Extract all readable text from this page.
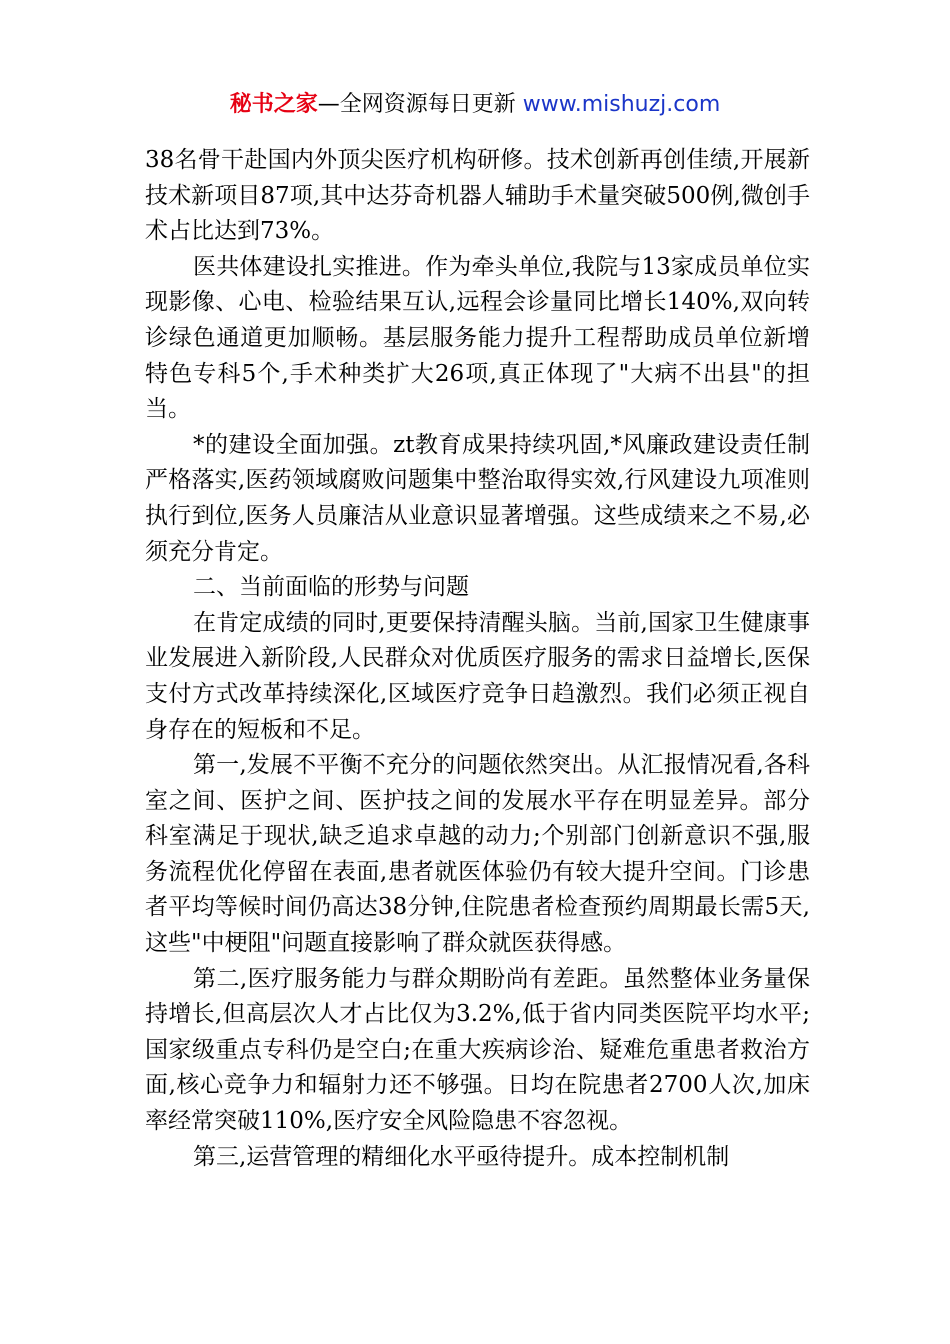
秘书之家—全网资源每日更新 www.mishuzj.com

38名骨干赴国内外顶尖医疗机构研修。技术创新再创佳绩,开展新技术新项目87项,其中达芬奇机器人辅助手术量突破500例,微创手术占比达到73%。

医共体建设扎实推进。作为牵头单位,我院与13家成员单位实现影像、心电、检验结果互认,远程会诊量同比增长140%,双向转诊绿色通道更加顺畅。基层服务能力提升工程帮助成员单位新增特色专科5个,手术种类扩大26项,真正体现了"大病不出县"的担当。

*的建设全面加强。zt教育成果持续巩固,*风廉政建设责任制严格落实,医药领域腐败问题集中整治取得实效,行风建设九项准则执行到位,医务人员廉洁从业意识显著增强。这些成绩来之不易,必须充分肯定。

二、当前面临的形势与问题

在肯定成绩的同时,更要保持清醒头脑。当前,国家卫生健康事业发展进入新阶段,人民群众对优质医疗服务的需求日益增长,医保支付方式改革持续深化,区域医疗竞争日趋激烈。我们必须正视自身存在的短板和不足。

第一,发展不平衡不充分的问题依然突出。从汇报情况看,各科室之间、医护之间、医护技之间的发展水平存在明显差异。部分科室满足于现状,缺乏追求卓越的动力;个别部门创新意识不强,服务流程优化停留在表面,患者就医体验仍有较大提升空间。门诊患者平均等候时间仍高达38分钟,住院患者检查预约周期最长需5天,这些"中梗阻"问题直接影响了群众就医获得感。

第二,医疗服务能力与群众期盼尚有差距。虽然整体业务量保持增长,但高层次人才占比仅为3.2%,低于省内同类医院平均水平;国家级重点专科仍是空白;在重大疾病诊治、疑难危重患者救治方面,核心竞争力和辐射力还不够强。日均在院患者2700人次,加床率经常突破110%,医疗安全风险隐患不容忽视。

第三,运营管理的精细化水平亟待提升。成本控制机制
